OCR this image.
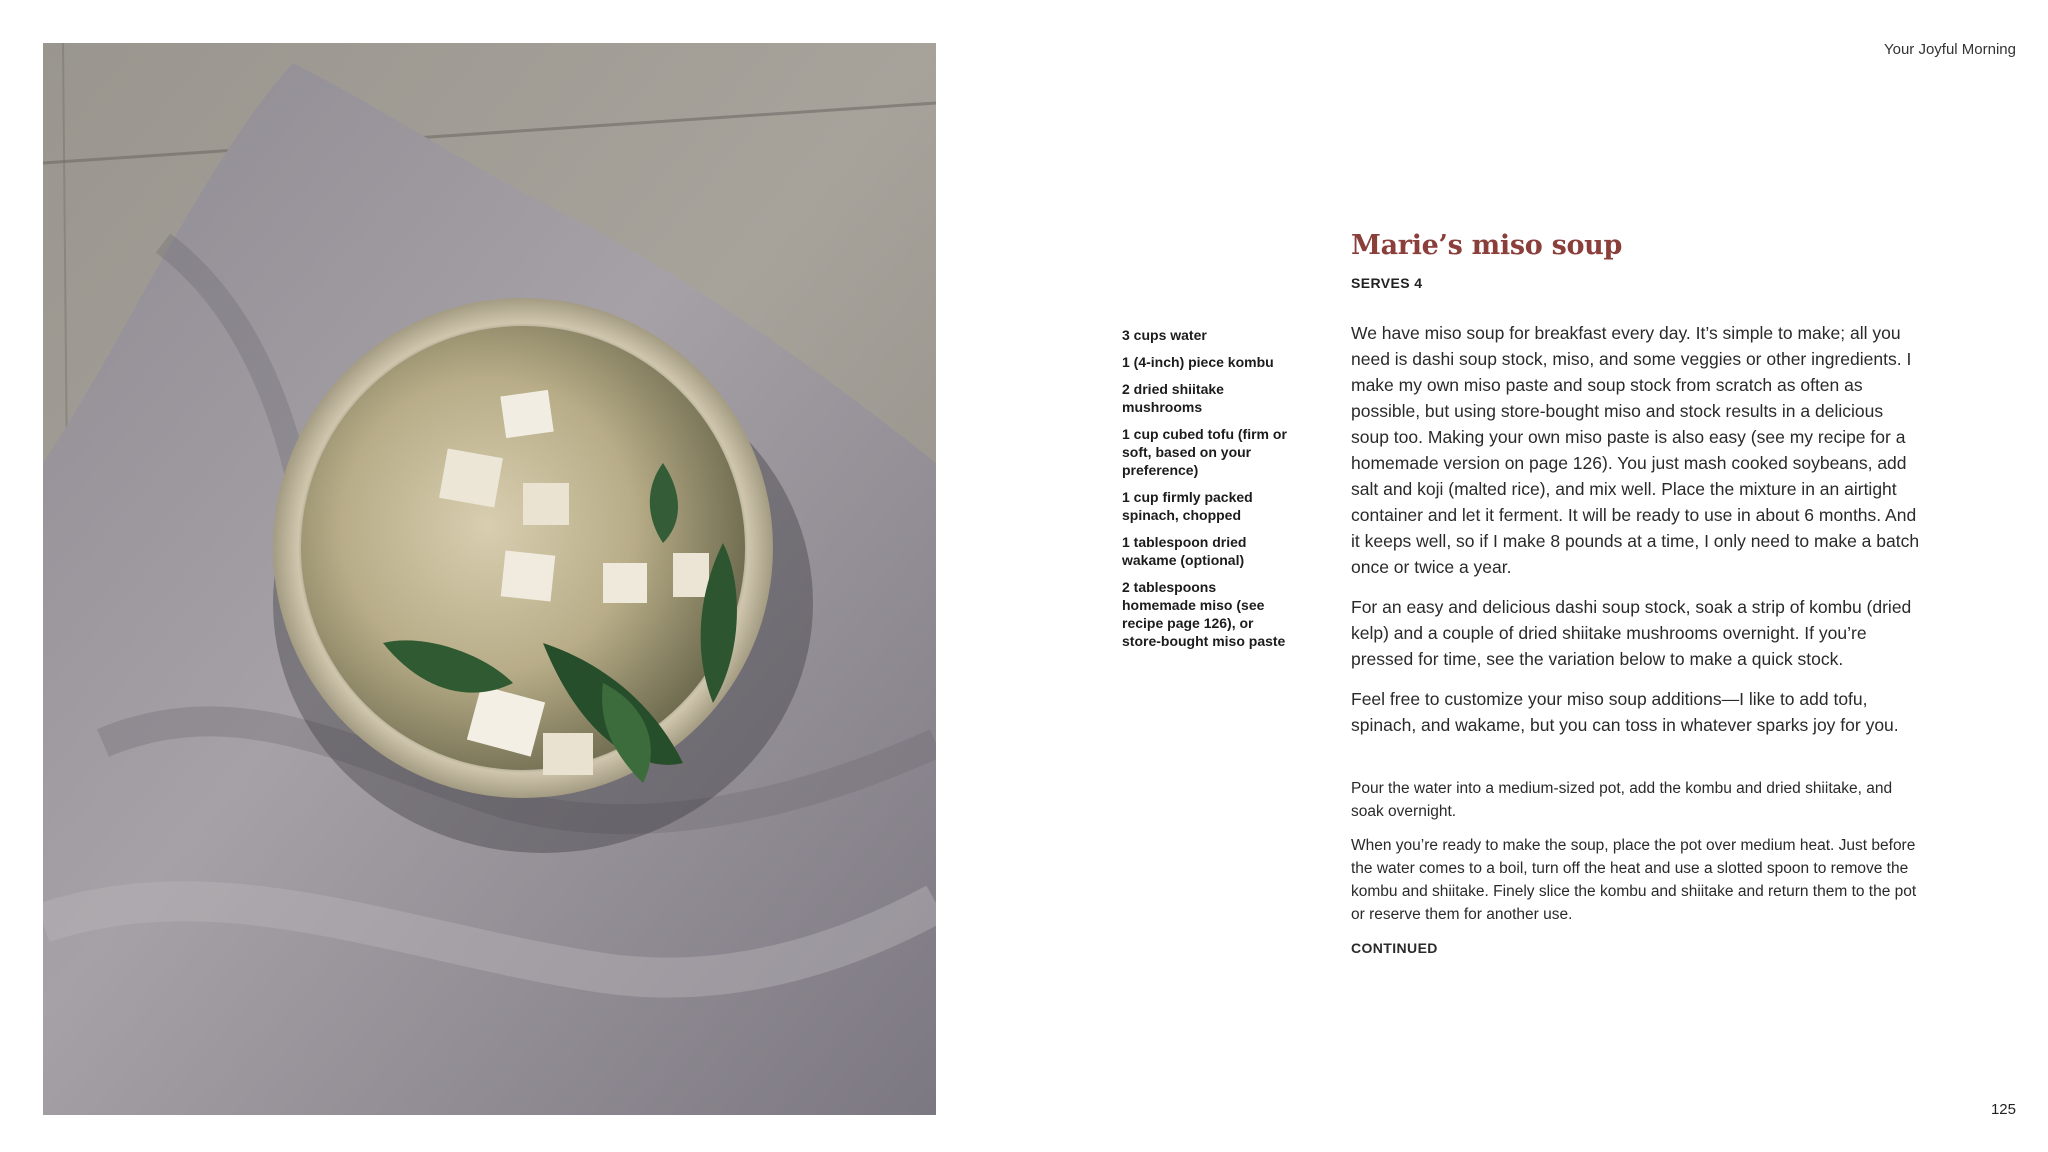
Your Joyful Morning
Marie’s miso soup
SERVES 4
3 cups water
1 (4-inch) piece kombu
2 dried shiitake mushrooms
1 cup cubed tofu (firm or soft, based on your preference)
1 cup firmly packed spinach, chopped
1 tablespoon dried wakame (optional)
2 tablespoons homemade miso (see recipe page 126), or store-bought miso paste

We have miso soup for breakfast every day. It’s simple to make; all you need is dashi soup stock, miso, and some veggies or other ingredients. I make my own miso paste and soup stock from scratch as often as possible, but using store-bought miso and stock results in a delicious soup too. Making your own miso paste is also easy (see my recipe for a homemade version on page 126). You just mash cooked soybeans, add salt and koji (malted rice), and mix well. Place the mixture in an airtight container and let it ferment. It will be ready to use in about 6 months. And it keeps well, so if I make 8 pounds at a time, I only need to make a batch once or twice a year.

For an easy and delicious dashi soup stock, soak a strip of kombu (dried kelp) and a couple of dried shiitake mushrooms overnight. If you’re pressed for time, see the variation below to make a quick stock.

Feel free to customize your miso soup additions—I like to add tofu, spinach, and wakame, but you can toss in whatever sparks joy for you.

Pour the water into a medium-sized pot, add the kombu and dried shiitake, and soak overnight.

When you’re ready to make the soup, place the pot over medium heat. Just before the water comes to a boil, turn off the heat and use a slotted spoon to remove the kombu and shiitake. Finely slice the kombu and shiitake and return them to the pot or reserve them for another use.

CONTINUED

125
